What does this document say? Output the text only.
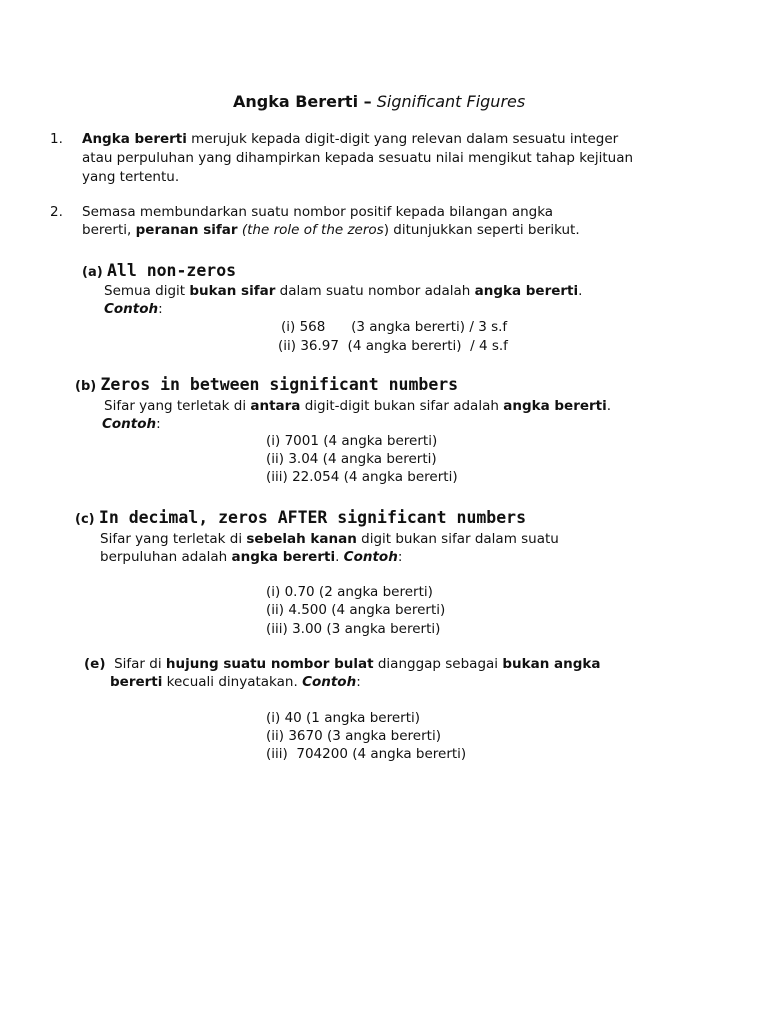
Angka Bererti – Significant Figures
1. Angka bererti merujuk kepada digit-digit yang relevan dalam sesuatu integer
atau perpuluhan yang dihampirkan kepada sesuatu nilai mengikut tahap kejituan
yang tertentu.
2. Semasa membundarkan suatu nombor positif kepada bilangan angka
bererti, peranan sifar (the role of the zeros) ditunjukkan seperti berikut.
(a) All non-zeros
Semua digit bukan sifar dalam suatu nombor adalah angka bererti.
Contoh:
(i) 568      (3 angka bererti) / 3 s.f
(ii) 36.97  (4 angka bererti)  / 4 s.f
(b) Zeros in between significant numbers
Sifar yang terletak di antara digit-digit bukan sifar adalah angka bererti.
Contoh:
(i) 7001 (4 angka bererti)
(ii) 3.04 (4 angka bererti)
(iii) 22.054 (4 angka bererti)
(c) In decimal, zeros AFTER significant numbers
Sifar yang terletak di sebelah kanan digit bukan sifar dalam suatu
berpuluhan adalah angka bererti. Contoh:
(i) 0.70 (2 angka bererti)
(ii) 4.500 (4 angka bererti)
(iii) 3.00 (3 angka bererti)
(e)  Sifar di hujung suatu nombor bulat dianggap sebagai bukan angka
bererti kecuali dinyatakan. Contoh:
(i) 40 (1 angka bererti)
(ii) 3670 (3 angka bererti)
(iii)  704200 (4 angka bererti)
